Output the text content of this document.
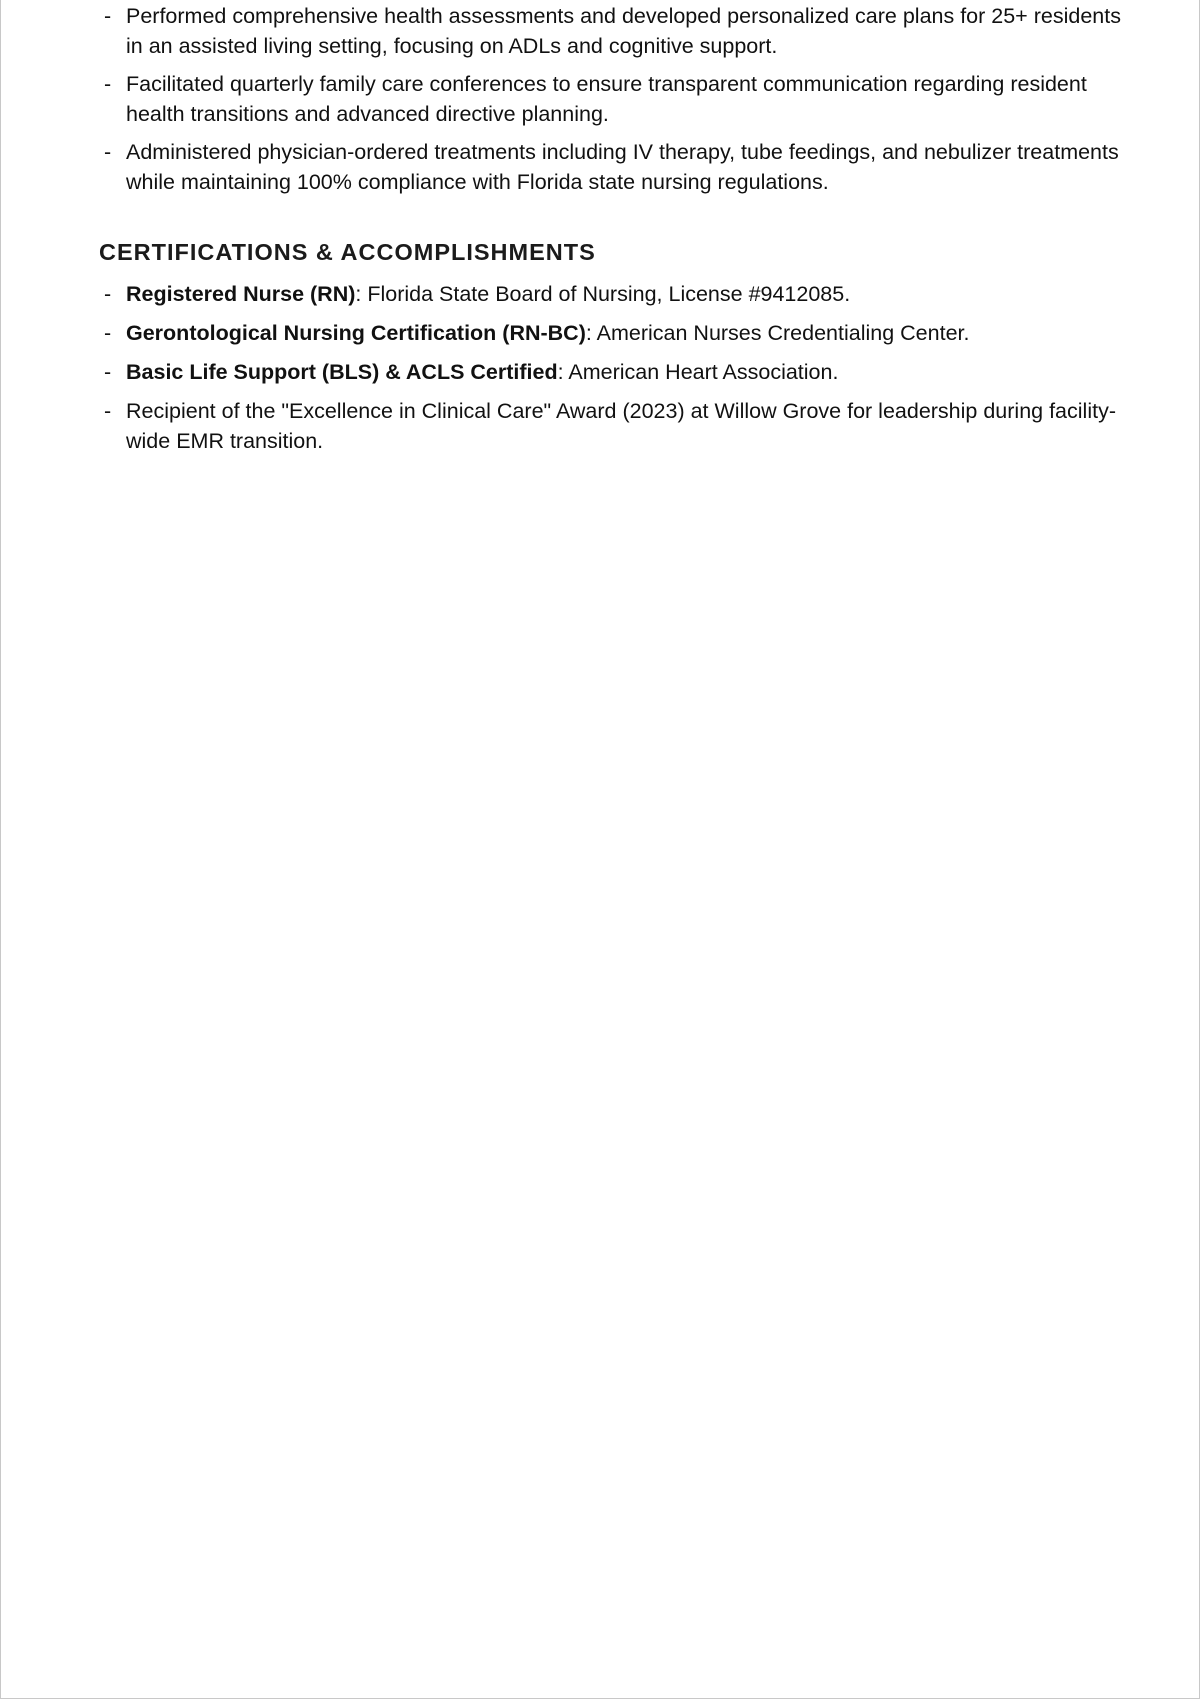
- Performed comprehensive health assessments and developed personalized care plans for 25+ residents in an assisted living setting, focusing on ADLs and cognitive support.
- Facilitated quarterly family care conferences to ensure transparent communication regarding resident health transitions and advanced directive planning.
- Administered physician-ordered treatments including IV therapy, tube feedings, and nebulizer treatments while maintaining 100% compliance with Florida state nursing regulations.
CERTIFICATIONS & ACCOMPLISHMENTS
- Registered Nurse (RN): Florida State Board of Nursing, License #9412085.
- Gerontological Nursing Certification (RN-BC): American Nurses Credentialing Center.
- Basic Life Support (BLS) & ACLS Certified: American Heart Association.
- Recipient of the "Excellence in Clinical Care" Award (2023) at Willow Grove for leadership during facility-wide EMR transition.
